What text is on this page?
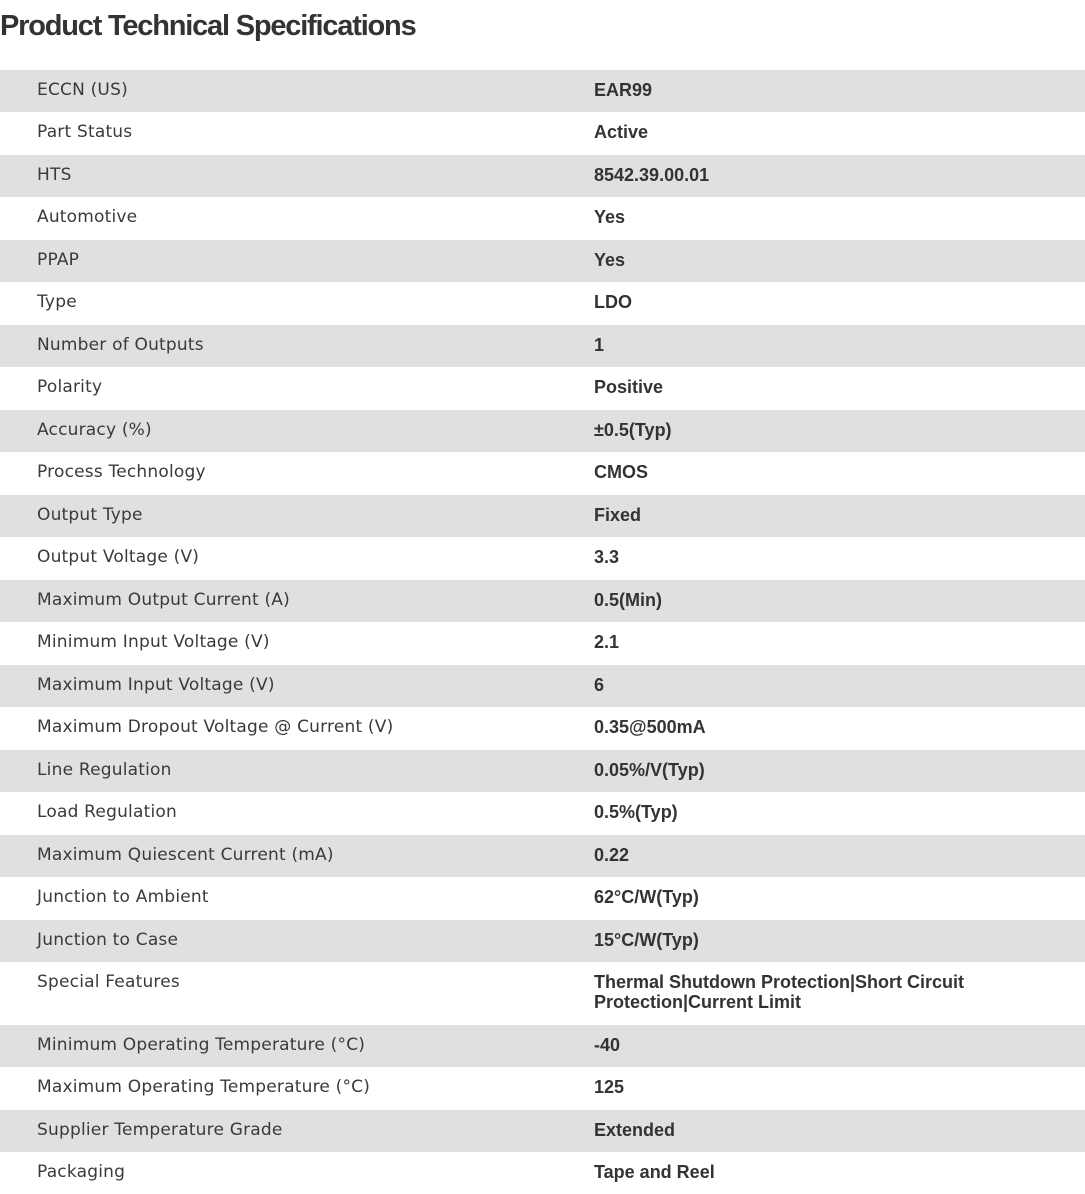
Product Technical Specifications
ECCN (US)	EAR99
Part Status	Active
HTS	8542.39.00.01
Automotive	Yes
PPAP	Yes
Type	LDO
Number of Outputs	1
Polarity	Positive
Accuracy (%)	±0.5(Typ)
Process Technology	CMOS
Output Type	Fixed
Output Voltage (V)	3.3
Maximum Output Current (A)	0.5(Min)
Minimum Input Voltage (V)	2.1
Maximum Input Voltage (V)	6
Maximum Dropout Voltage @ Current (V)	0.35@500mA
Line Regulation	0.05%/V(Typ)
Load Regulation	0.5%(Typ)
Maximum Quiescent Current (mA)	0.22
Junction to Ambient	62°C/W(Typ)
Junction to Case	15°C/W(Typ)
Special Features	Thermal Shutdown Protection|Short Circuit Protection|Current Limit
Minimum Operating Temperature (°C)	-40
Maximum Operating Temperature (°C)	125
Supplier Temperature Grade	Extended
Packaging	Tape and Reel
